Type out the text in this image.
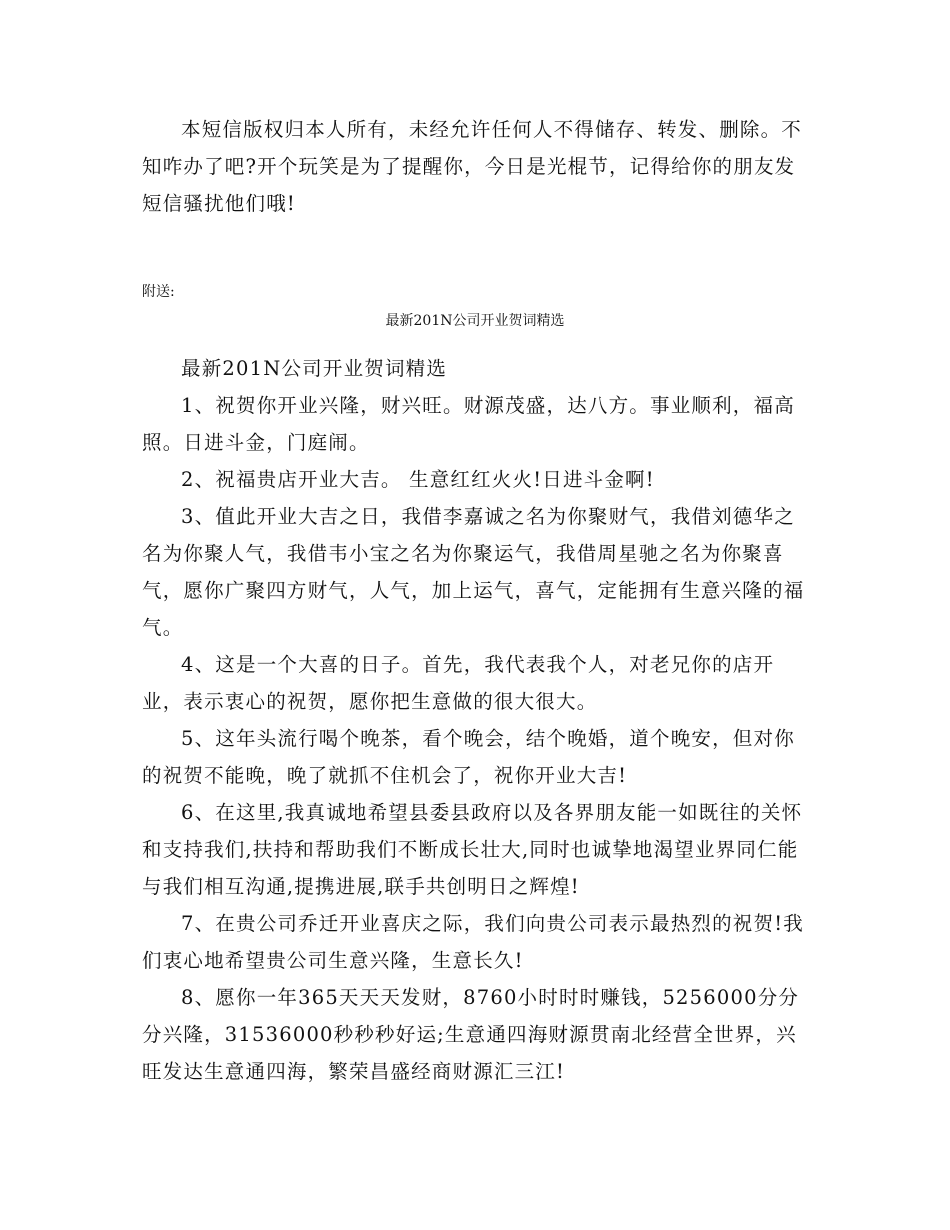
本短信版权归本人所有，未经允许任何人不得储存、转发、删除。不知咋办了吧?开个玩笑是为了提醒你，今日是光棍节，记得给你的朋友发短信骚扰他们哦!

附送:

最新201N公司开业贺词精选

最新201N公司开业贺词精选

1、祝贺你开业兴隆，财兴旺。财源茂盛，达八方。事业顺利，福高照。日进斗金，门庭闹。

2、祝福贵店开业大吉。 生意红红火火!日进斗金啊!

3、值此开业大吉之日，我借李嘉诚之名为你聚财气，我借刘德华之名为你聚人气，我借韦小宝之名为你聚运气，我借周星驰之名为你聚喜气，愿你广聚四方财气，人气，加上运气，喜气，定能拥有生意兴隆的福气。

4、这是一个大喜的日子。首先，我代表我个人，对老兄你的店开业，表示衷心的祝贺，愿你把生意做的很大很大。

5、这年头流行喝个晚茶，看个晚会，结个晚婚，道个晚安，但对你的祝贺不能晚，晚了就抓不住机会了，祝你开业大吉!

6、在这里,我真诚地希望县委县政府以及各界朋友能一如既往的关怀和支持我们,扶持和帮助我们不断成长壮大,同时也诚挚地渴望业界同仁能与我们相互沟通,提携进展,联手共创明日之辉煌!

7、在贵公司乔迁开业喜庆之际，我们向贵公司表示最热烈的祝贺!我们衷心地希望贵公司生意兴隆，生意长久!

8、愿你一年365天天天发财，8760小时时时赚钱，5256000分分分兴隆，31536000秒秒秒好运;生意通四海财源贯南北经营全世界，兴旺发达生意通四海，繁荣昌盛经商财源汇三江!
